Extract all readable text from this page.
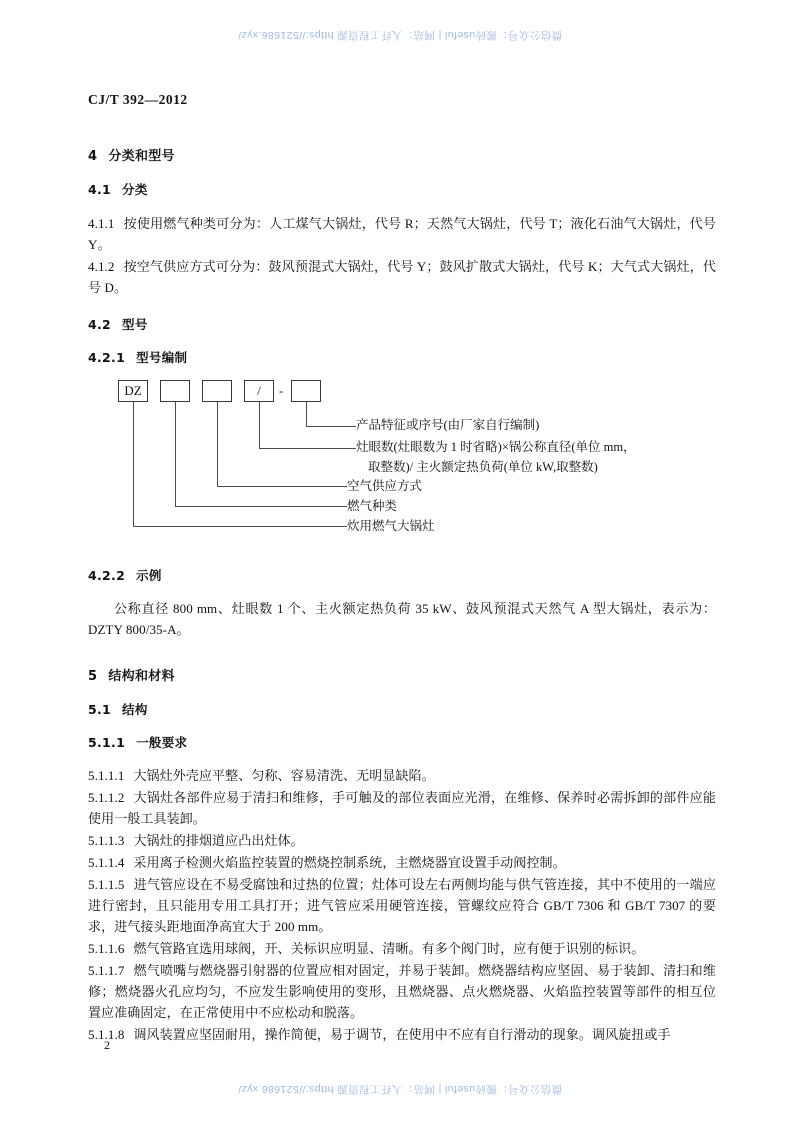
微信公众号：搬砖useful | 网站：人纤工程资源 https://521686.xyz/
CJ/T 392—2012
4 分类和型号
4.1 分类

4.1.1 按使用燃气种类可分为：人工煤气大锅灶，代号 R；天然气大锅灶，代号 T；液化石油气大锅灶，代号 Y。

4.1.2 按空气供应方式可分为：鼓风预混式大锅灶，代号 Y；鼓风扩散式大锅灶，代号 K；大气式大锅灶，代号 D。

4.2 型号
4.2.1 型号编制
DZ	/	-
产品特征或序号(由厂家自行编制)
灶眼数(灶眼数为 1 时省略)×锅公称直径(单位 mm，
取整数)/ 主火额定热负荷(单位 kW,取整数)
空气供应方式
燃气种类
炊用燃气大锅灶
4.2.2 示例

公称直径 800 mm、灶眼数 1 个、主火额定热负荷 35 kW、鼓风预混式天然气 A 型大锅灶，表示为：DZTY 800/35-A。

5 结构和材料
5.1 结构
5.1.1 一般要求

5.1.1.1 大锅灶外壳应平整、匀称、容易清洗、无明显缺陷。

5.1.1.2 大锅灶各部件应易于清扫和维修，手可触及的部位表面应光滑，在维修、保养时必需拆卸的部件应能使用一般工具装卸。

5.1.1.3 大锅灶的排烟道应凸出灶体。

5.1.1.4 采用离子检测火焰监控装置的燃烧控制系统，主燃烧器宜设置手动阀控制。

5.1.1.5 进气管应设在不易受腐蚀和过热的位置；灶体可设左右两侧均能与供气管连接，其中不使用的一端应进行密封，且只能用专用工具打开；进气管应采用硬管连接，管螺纹应符合 GB/T 7306 和 GB/T 7307 的要求，进气接头距地面净高宜大于 200 mm。

5.1.1.6 燃气管路宜选用球阀，开、关标识应明显、清晰。有多个阀门时，应有便于识别的标识。

5.1.1.7 燃气喷嘴与燃烧器引射器的位置应相对固定，并易于装卸。燃烧器结构应坚固、易于装卸、清扫和维修；燃烧器火孔应均匀，不应发生影响使用的变形，且燃烧器、点火燃烧器、火焰监控装置等部件的相互位置应准确固定，在正常使用中不应松动和脱落。

5.1.1.8 调风装置应坚固耐用，操作简便，易于调节，在使用中不应有自行滑动的现象。调风旋扭或手

2
微信公众号：搬砖useful | 网站：人纤工程资源 https://521686.xyz/
